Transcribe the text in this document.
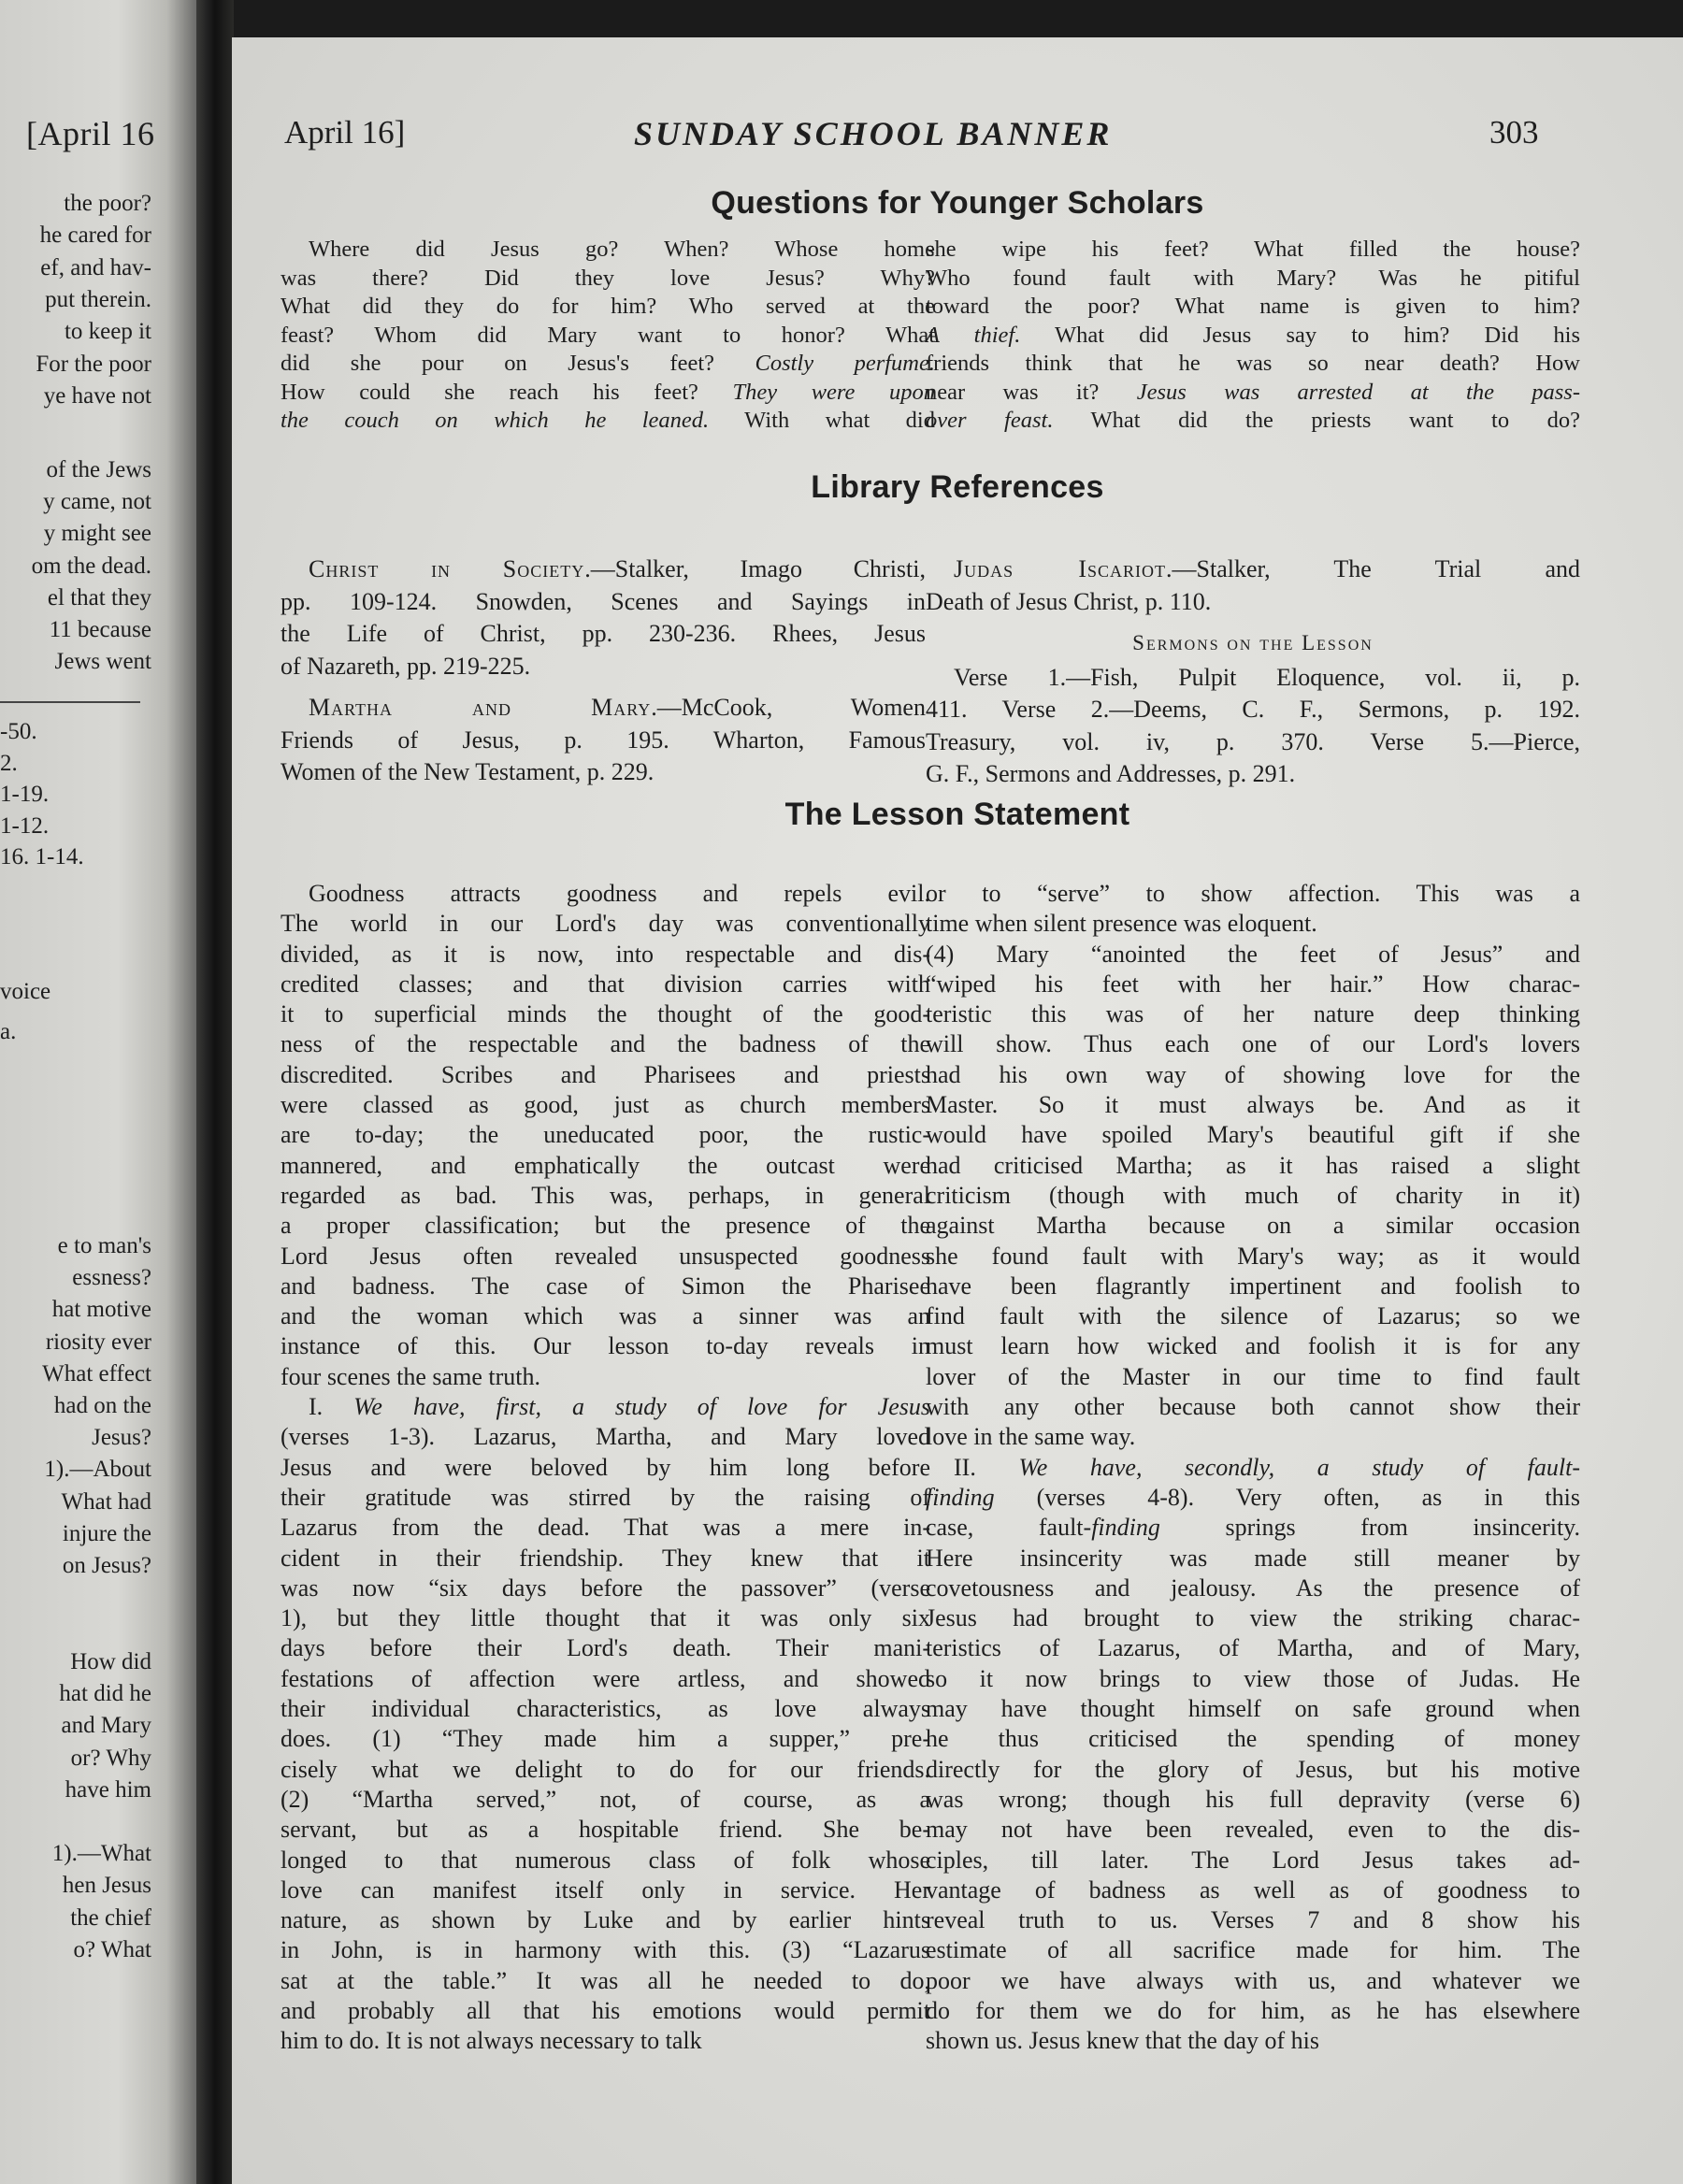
[April 16
the poor?
he cared for
ef, and hav-
put therein.
to keep it
For the poor
ye have not
of the Jews
y came, not
y might see
om the dead.
el that they
11 because
Jews went
-50.
2.
1-19.
1-12.
16. 1-14.
voice
a.
e to man's
essness?
hat motive
riosity ever
What effect
had on the
Jesus?
1).—About
What had
injure the
on Jesus?
How did
hat did he
and Mary
or? Why
have him
1).—What
hen Jesus
the chief
o? What
April 16]	SUNDAY SCHOOL BANNER	303
Questions for Younger Scholars
Where did Jesus go? When? Whose home
was there? Did they love Jesus? Why?
What did they do for him? Who served at the
feast? Whom did Mary want to honor? What
did she pour on Jesus's feet? Costly perfume.
How could she reach his feet? They were upon
the couch on which he leaned. With what did
she wipe his feet? What filled the house?
Who found fault with Mary? Was he pitiful
toward the poor? What name is given to him?
A thief. What did Jesus say to him? Did his
friends think that he was so near death? How
near was it? Jesus was arrested at the pass-
over feast. What did the priests want to do?
Library References

Christ in Society.—Stalker, Imago Christi,
pp. 109-124. Snowden, Scenes and Sayings in
the Life of Christ, pp. 230-236. Rhees, Jesus
of Nazareth, pp. 219-225.

Martha and Mary.—McCook, Women
Friends of Jesus, p. 195. Wharton, Famous
Women of the New Testament, p. 229.

Judas Iscariot.—Stalker, The Trial and
Death of Jesus Christ, p. 110.

Sermons on the Lesson

Verse 1.—Fish, Pulpit Eloquence, vol. ii, p.
411. Verse 2.—Deems, C. F., Sermons, p. 192.
Treasury, vol. iv, p. 370. Verse 5.—Pierce,
G. F., Sermons and Addresses, p. 291.

The Lesson Statement
Goodness attracts goodness and repels evil.
The world in our Lord's day was conventionally
divided, as it is now, into respectable and dis-
credited classes; and that division carries with
it to superficial minds the thought of the good-
ness of the respectable and the badness of the
discredited. Scribes and Pharisees and priests
were classed as good, just as church members
are to-day; the uneducated poor, the rustic-
mannered, and emphatically the outcast were
regarded as bad. This was, perhaps, in general
a proper classification; but the presence of the
Lord Jesus often revealed unsuspected goodness
and badness. The case of Simon the Pharisee
and the woman which was a sinner was an
instance of this. Our lesson to-day reveals in
four scenes the same truth.
I. We have, first, a study of love for Jesus
(verses 1-3). Lazarus, Martha, and Mary loved
Jesus and were beloved by him long before
their gratitude was stirred by the raising of
Lazarus from the dead. That was a mere in-
cident in their friendship. They knew that it
was now “six days before the passover” (verse
1), but they little thought that it was only six
days before their Lord's death. Their mani-
festations of affection were artless, and showed
their individual characteristics, as love always
does. (1) “They made him a supper,” pre-
cisely what we delight to do for our friends.
(2) “Martha served,” not, of course, as a
servant, but as a hospitable friend. She be-
longed to that numerous class of folk whose
love can manifest itself only in service. Her
nature, as shown by Luke and by earlier hints
in John, is in harmony with this. (3) “Lazarus
sat at the table.” It was all he needed to do,
and probably all that his emotions would permit
him to do. It is not always necessary to talk
or to “serve” to show affection. This was a
time when silent presence was eloquent.
(4) Mary “anointed the feet of Jesus” and
“wiped his feet with her hair.” How charac-
teristic this was of her nature deep thinking
will show. Thus each one of our Lord's lovers
had his own way of showing love for the
Master. So it must always be. And as it
would have spoiled Mary's beautiful gift if she
had criticised Martha; as it has raised a slight
criticism (though with much of charity in it)
against Martha because on a similar occasion
she found fault with Mary's way; as it would
have been flagrantly impertinent and foolish to
find fault with the silence of Lazarus; so we
must learn how wicked and foolish it is for any
lover of the Master in our time to find fault
with any other because both cannot show their
love in the same way.
II. We have, secondly, a study of fault-
finding (verses 4-8). Very often, as in this
case, fault-finding springs from insincerity.
Here insincerity was made still meaner by
covetousness and jealousy. As the presence of
Jesus had brought to view the striking charac-
teristics of Lazarus, of Martha, and of Mary,
so it now brings to view those of Judas. He
may have thought himself on safe ground when
he thus criticised the spending of money
directly for the glory of Jesus, but his motive
was wrong; though his full depravity (verse 6)
may not have been revealed, even to the dis-
ciples, till later. The Lord Jesus takes ad-
vantage of badness as well as of goodness to
reveal truth to us. Verses 7 and 8 show his
estimate of all sacrifice made for him. The
poor we have always with us, and whatever we
do for them we do for him, as he has elsewhere
shown us. Jesus knew that the day of his
